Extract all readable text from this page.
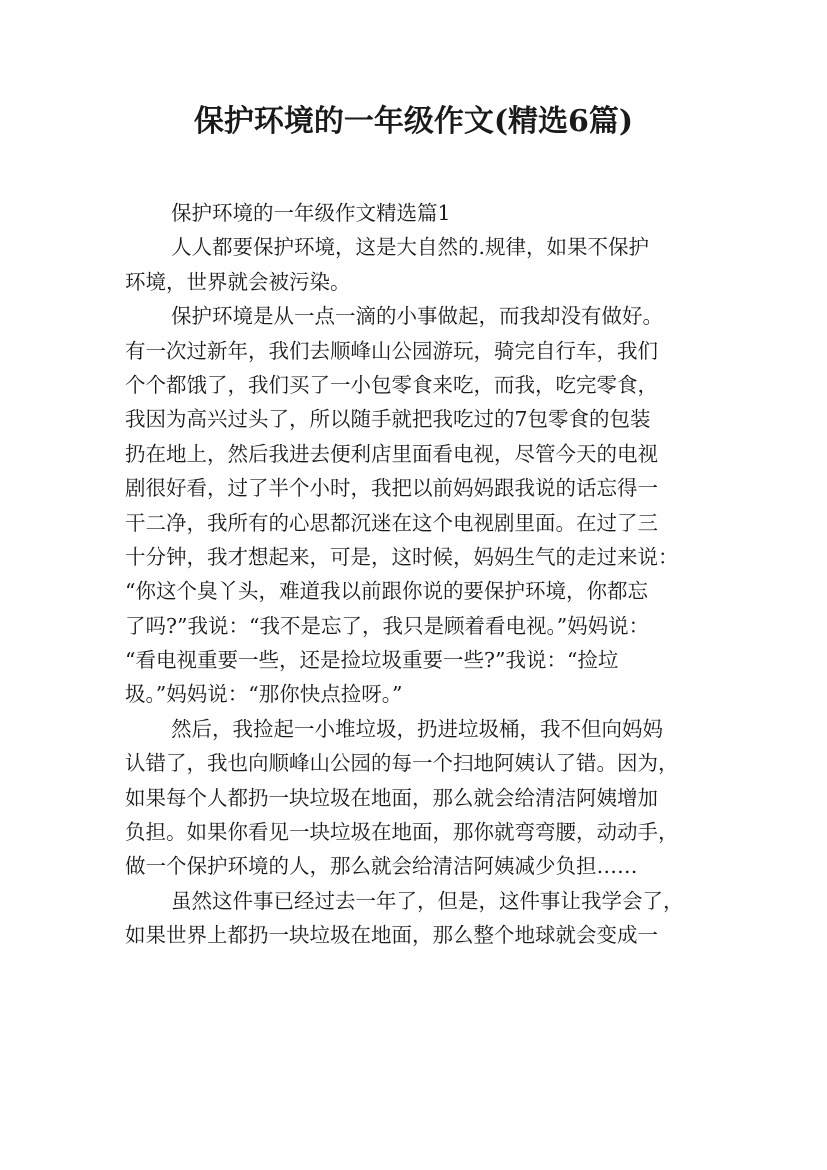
保护环境的一年级作文(精选6篇)
保护环境的一年级作文精选篇1
人人都要保护环境，这是大自然的.规律，如果不保护
环境，世界就会被污染。
保护环境是从一点一滴的小事做起，而我却没有做好。
有一次过新年，我们去顺峰山公园游玩，骑完自行车，我们
个个都饿了，我们买了一小包零食来吃，而我，吃完零食，
我因为高兴过头了，所以随手就把我吃过的7包零食的包装
扔在地上，然后我进去便利店里面看电视，尽管今天的电视
剧很好看，过了半个小时，我把以前妈妈跟我说的话忘得一
干二净，我所有的心思都沉迷在这个电视剧里面。在过了三
十分钟，我才想起来，可是，这时候，妈妈生气的走过来说：
“你这个臭丫头，难道我以前跟你说的要保护环境，你都忘
了吗?”我说：“我不是忘了，我只是顾着看电视。”妈妈说：
“看电视重要一些，还是捡垃圾重要一些?”我说：“捡垃
圾。”妈妈说：“那你快点捡呀。”
然后，我捡起一小堆垃圾，扔进垃圾桶，我不但向妈妈
认错了，我也向顺峰山公园的每一个扫地阿姨认了错。因为，
如果每个人都扔一块垃圾在地面，那么就会给清洁阿姨增加
负担。如果你看见一块垃圾在地面，那你就弯弯腰，动动手，
做一个保护环境的人，那么就会给清洁阿姨减少负担……
虽然这件事已经过去一年了，但是，这件事让我学会了，
如果世界上都扔一块垃圾在地面，那么整个地球就会变成一
